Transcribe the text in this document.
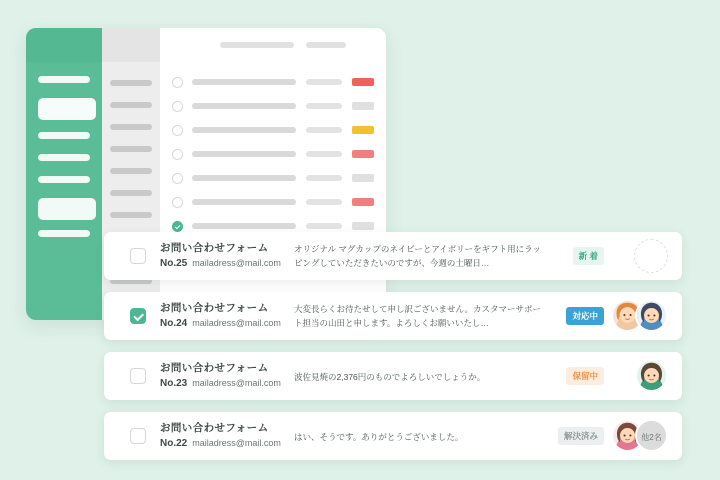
お問い合わせフォーム
No.25 mailadress@mail.com
オリジナル マグカップのネイビーとアイボリーをギフト用にラッピングしていただきたいのですが、今週の土曜日…
新 着
お問い合わせフォーム
No.24 mailadress@mail.com
大変長らくお待たせして申し訳ございません。カスタマーサポート担当の山田と申します。よろしくお願いいたし…
対応中
お問い合わせフォーム
No.23 mailadress@mail.com
波佐見焼の2,376円のものでよろしいでしょうか。	保留中
お問い合わせフォーム
No.22 mailadress@mail.com
はい、そうです。ありがとうございました。	解決済み	他2名
